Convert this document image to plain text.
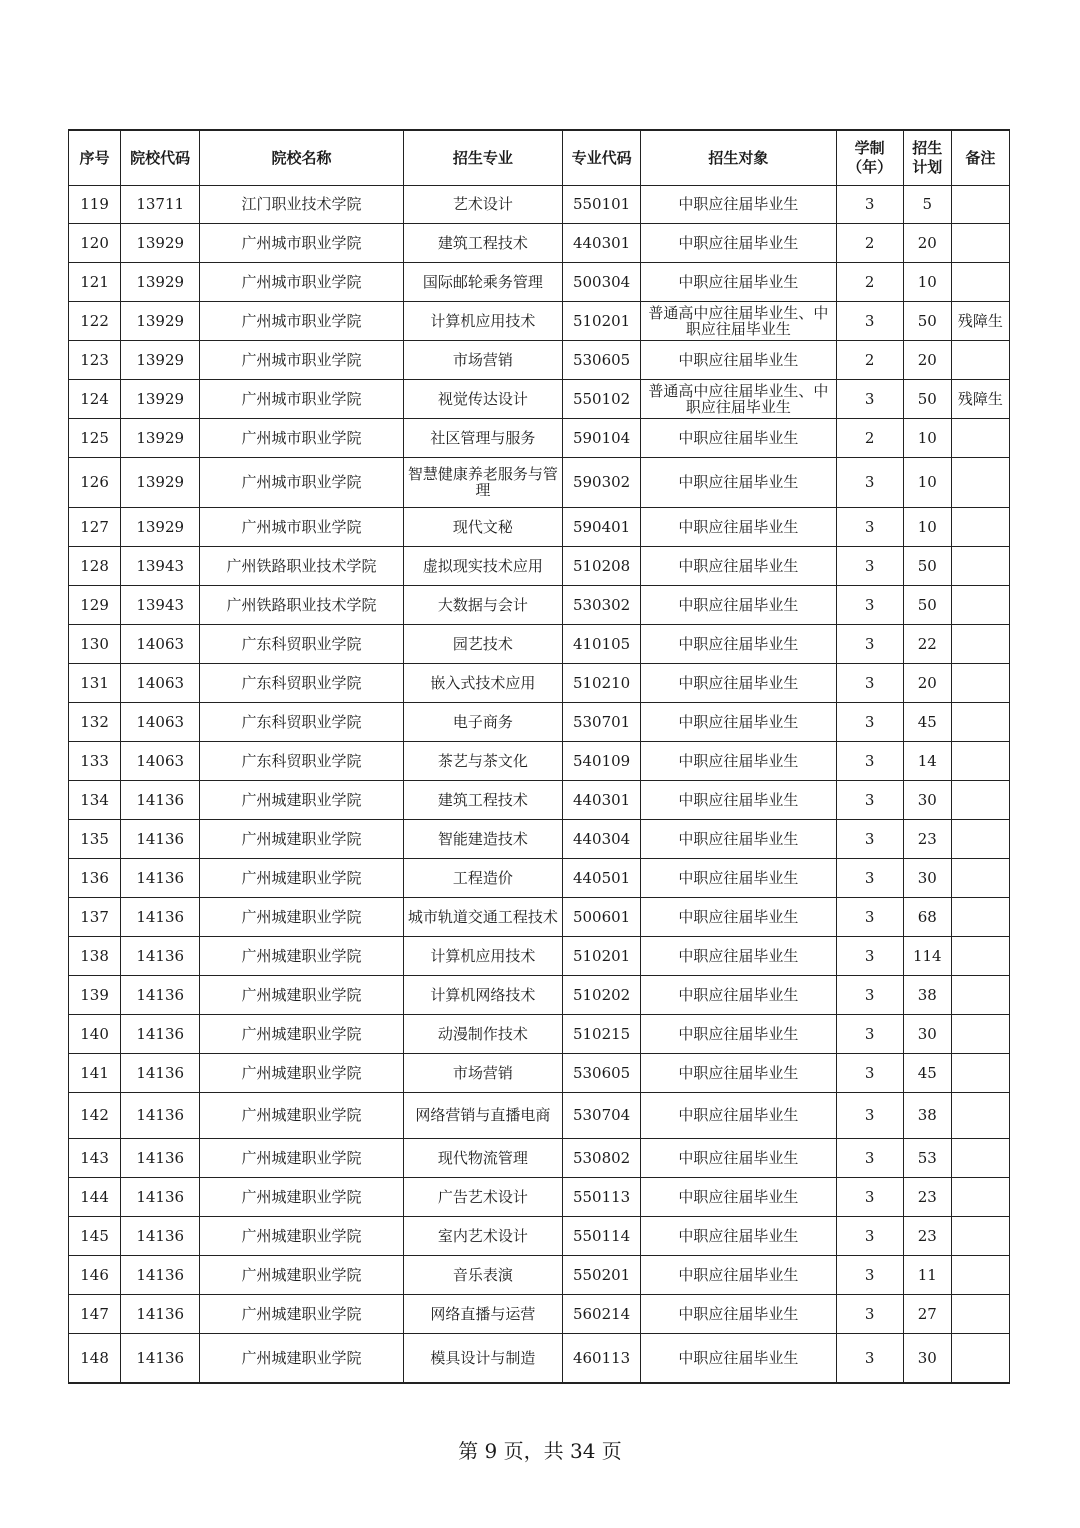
序号	院校代码	院校名称	招生专业	专业代码	招生对象	学制（年）	招生计划	备注
119	13711	江门职业技术学院	艺术设计	550101	中职应往届毕业生	3	5	
120	13929	广州城市职业学院	建筑工程技术	440301	中职应往届毕业生	2	20	
121	13929	广州城市职业学院	国际邮轮乘务管理	500304	中职应往届毕业生	2	10	
122	13929	广州城市职业学院	计算机应用技术	510201	普通高中应往届毕业生、中职应往届毕业生	3	50	残障生
123	13929	广州城市职业学院	市场营销	530605	中职应往届毕业生	2	20	
124	13929	广州城市职业学院	视觉传达设计	550102	普通高中应往届毕业生、中职应往届毕业生	3	50	残障生
125	13929	广州城市职业学院	社区管理与服务	590104	中职应往届毕业生	2	10	
126	13929	广州城市职业学院	智慧健康养老服务与管理	590302	中职应往届毕业生	3	10	
127	13929	广州城市职业学院	现代文秘	590401	中职应往届毕业生	3	10	
128	13943	广州铁路职业技术学院	虚拟现实技术应用	510208	中职应往届毕业生	3	50	
129	13943	广州铁路职业技术学院	大数据与会计	530302	中职应往届毕业生	3	50	
130	14063	广东科贸职业学院	园艺技术	410105	中职应往届毕业生	3	22	
131	14063	广东科贸职业学院	嵌入式技术应用	510210	中职应往届毕业生	3	20	
132	14063	广东科贸职业学院	电子商务	530701	中职应往届毕业生	3	45	
133	14063	广东科贸职业学院	茶艺与茶文化	540109	中职应往届毕业生	3	14	
134	14136	广州城建职业学院	建筑工程技术	440301	中职应往届毕业生	3	30	
135	14136	广州城建职业学院	智能建造技术	440304	中职应往届毕业生	3	23	
136	14136	广州城建职业学院	工程造价	440501	中职应往届毕业生	3	30	
137	14136	广州城建职业学院	城市轨道交通工程技术	500601	中职应往届毕业生	3	68	
138	14136	广州城建职业学院	计算机应用技术	510201	中职应往届毕业生	3	114	
139	14136	广州城建职业学院	计算机网络技术	510202	中职应往届毕业生	3	38	
140	14136	广州城建职业学院	动漫制作技术	510215	中职应往届毕业生	3	30	
141	14136	广州城建职业学院	市场营销	530605	中职应往届毕业生	3	45	
142	14136	广州城建职业学院	网络营销与直播电商	530704	中职应往届毕业生	3	38	
143	14136	广州城建职业学院	现代物流管理	530802	中职应往届毕业生	3	53	
144	14136	广州城建职业学院	广告艺术设计	550113	中职应往届毕业生	3	23	
145	14136	广州城建职业学院	室内艺术设计	550114	中职应往届毕业生	3	23	
146	14136	广州城建职业学院	音乐表演	550201	中职应往届毕业生	3	11	
147	14136	广州城建职业学院	网络直播与运营	560214	中职应往届毕业生	3	27	
148	14136	广州城建职业学院	模具设计与制造	460113	中职应往届毕业生	3	30	
第 9 页，共 34 页
